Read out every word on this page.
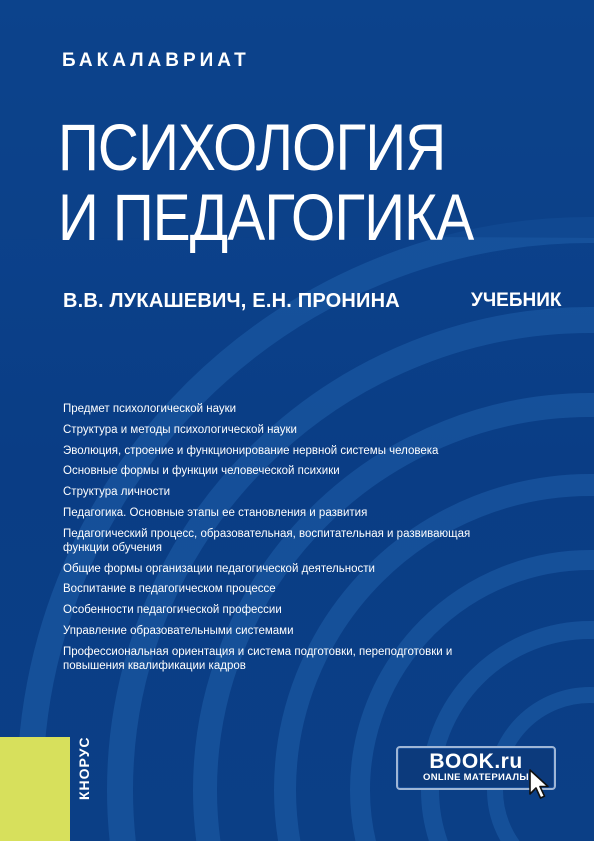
БАКАЛАВРИАТ
ПСИХОЛОГИЯ
И ПЕДАГОГИКА
В.В. ЛУКАШЕВИЧ, Е.Н. ПРОНИНА	УЧЕБНИК
Предмет психологической науки
Структура и методы психологической науки
Эволюция, строение и функционирование нервной системы человека
Основные формы и функции человеческой психики
Структура личности
Педагогика. Основные этапы ее становления и развития
Педагогический процесс, образовательная, воспитательная и развивающая функции обучения
Общие формы организации педагогической деятельности
Воспитание в педагогическом процессе
Особенности педагогической профессии
Управление образовательными системами
Профессиональная ориентация и система подготовки, переподготовки и повышения квалификации кадров
КНОРУС	BOOK.ru
ONLINE МАТЕРИАЛЫ
